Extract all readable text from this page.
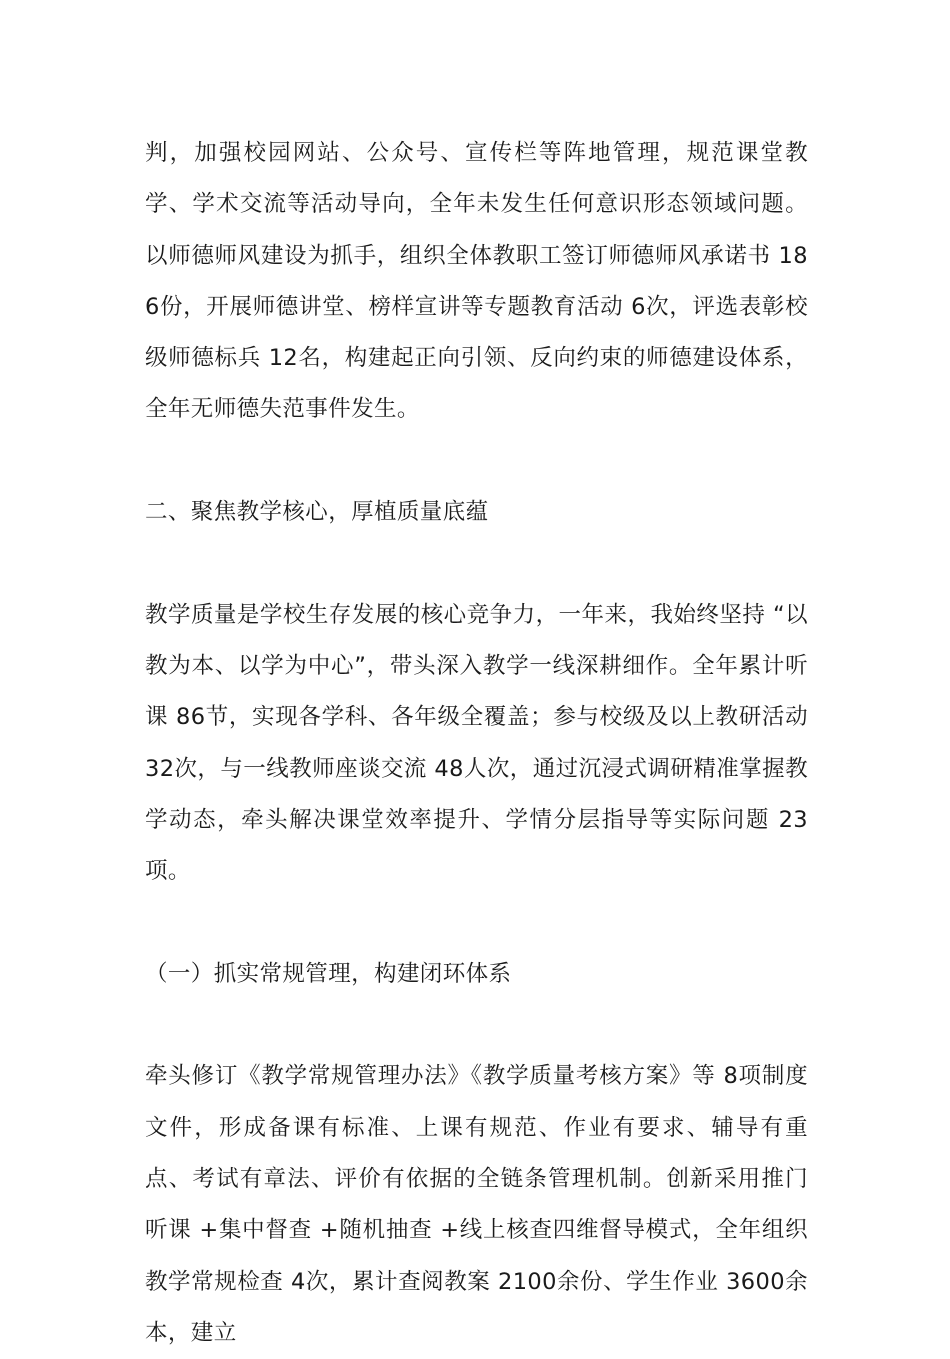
判，加强校园网站、公众号、宣传栏等阵地管理，规范课堂教学、学术交流等活动导向，全年未发生任何意识形态领域问题。以师德师风建设为抓手，组织全体教职工签订师德师风承诺书 186份，开展师德讲堂、榜样宣讲等专题教育活动 6次，评选表彰校级师德标兵 12名，构建起正向引领、反向约束的师德建设体系，全年无师德失范事件发生。

二、聚焦教学核心，厚植质量底蕴

教学质量是学校生存发展的核心竞争力，一年来，我始终坚持 “以教为本、以学为中心”，带头深入教学一线深耕细作。全年累计听课 86节，实现各学科、各年级全覆盖；参与校级及以上教研活动 32次，与一线教师座谈交流 48人次，通过沉浸式调研精准掌握教学动态，牵头解决课堂效率提升、学情分层指导等实际问题 23项。

（一）抓实常规管理，构建闭环体系

牵头修订《教学常规管理办法》《教学质量考核方案》等 8项制度文件，形成备课有标准、上课有规范、作业有要求、辅导有重点、考试有章法、评价有依据的全链条管理机制。创新采用推门听课 +集中督查 +随机抽查 +线上核查四维督导模式，全年组织教学常规检查 4次，累计查阅教案 2100余份、学生作业 3600余本，建立
